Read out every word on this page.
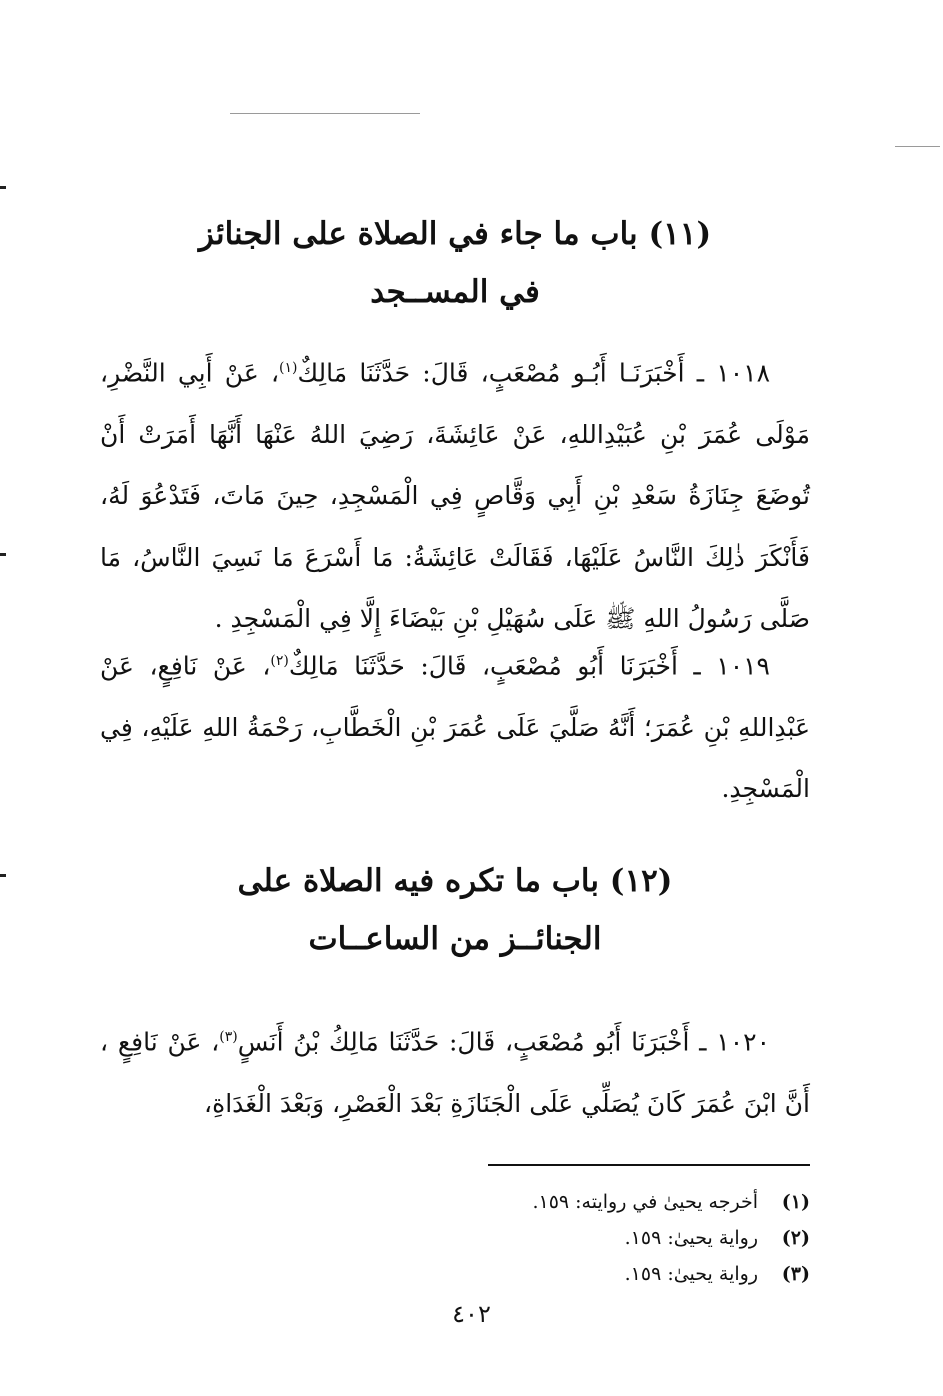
(١١) باب ما جاء في الصلاة على الجنائز
في المســجد

١٠١٨ ـ أَخْبَرَنَـا أَبُـو مُصْعَبٍ، قَالَ: حَدَّثَنَا مَالِكٌ$^{(١)}$، عَنْ أَبِي النَّضْرِ، مَوْلَى عُمَرَ بْنِ عُبَيْدِاللهِ، عَنْ عَائِشَةَ، رَضِيَ اللهُ عَنْهَا أَنَّهَا أَمَرَتْ أَنْ تُوضَعَ جِنَازَةُ سَعْدِ بْنِ أَبِي وَقَّاصٍ فِي الْمَسْجِدِ، حِينَ مَاتَ، فَتَدْعُوَ لَهُ، فَأَنْكَرَ ذٰلِكَ النَّاسُ عَلَيْهَا، فَقَالَتْ عَائِشَةُ: مَا أَسْرَعَ مَا نَسِيَ النَّاسُ، مَا صَلَّى رَسُولُ اللهِ ﷺ عَلَى سُهَيْلِ بْنِ بَيْضَاءَ إِلَّا فِي الْمَسْجِدِ .

١٠١٩ ـ أَخْبَرَنَا أَبُو مُصْعَبٍ، قَالَ: حَدَّثَنَا مَالِكٌ$^{(٢)}$، عَنْ نَافِعٍ، عَنْ عَبْدِاللهِ بْنِ عُمَرَ؛ أَنَّهُ صَلَّيَ عَلَى عُمَرَ بْنِ الْخَطَّابِ، رَحْمَةُ اللهِ عَلَيْهِ، فِي الْمَسْجِدِ.

(١٢) باب ما تكره فيه الصلاة على
الجنائــز من الساعــات

١٠٢٠ ـ أَخْبَرَنَا أَبُو مُصْعَبٍ، قَالَ: حَدَّثَنَا مَالِكُ بْنُ أَنَسٍ$^{(٣)}$، عَنْ نَافِعٍ ، أَنَّ ابْنَ عُمَرَ كَانَ يُصَلِّي عَلَى الْجَنَازَةِ بَعْدَ الْعَصْرِ، وَبَعْدَ الْغَدَاةِ،

(١)
أخرجه يحيىٰ في روايته: ١٥٩.
(٢)
رواية يحيىٰ: ١٥٩.
(٣)
رواية يحيىٰ: ١٥٩.
٤٠٢
